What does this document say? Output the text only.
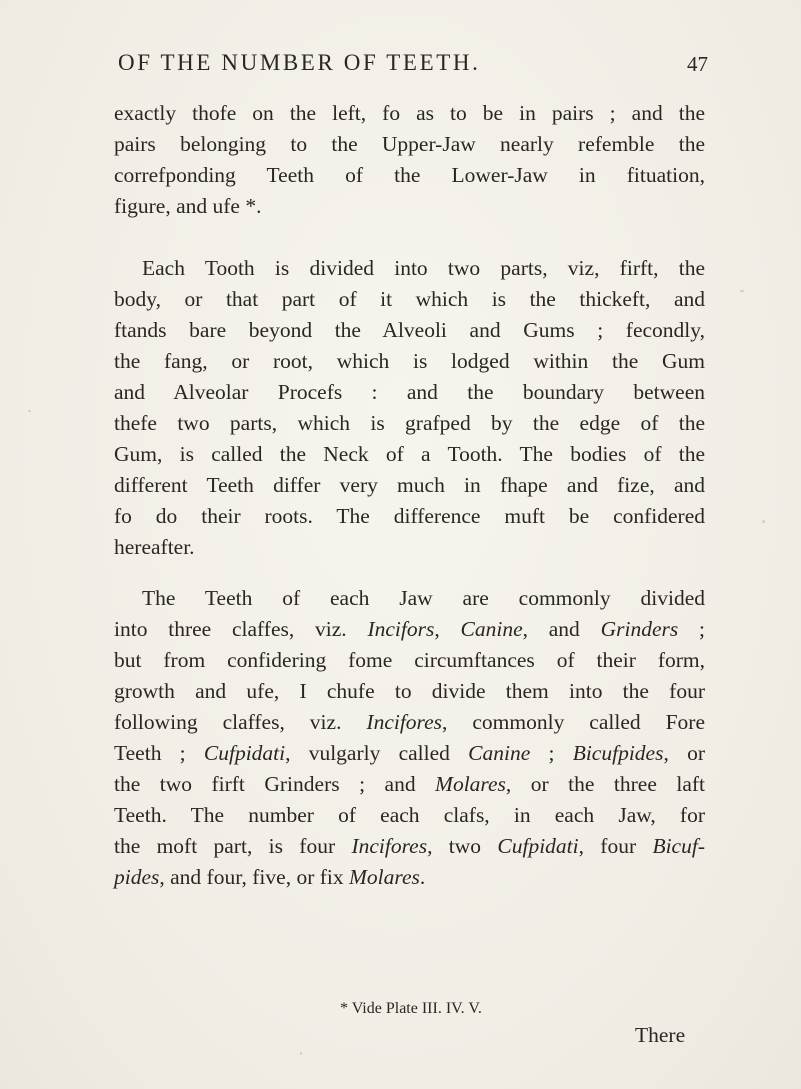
OF THE NUMBER OF TEETH.	47
exactly thofe on the left, fo as to be in pairs ; and the
pairs belonging to the Upper-Jaw nearly refemble the
correfponding Teeth of the Lower-Jaw in fituation,
figure, and ufe *.
Each Tooth is divided into two parts, viz, firft, the
body, or that part of it which is the thickeft, and
ftands bare beyond the Alveoli and Gums ; fecondly,
the fang, or root, which is lodged within the Gum
and Alveolar Procefs : and the boundary between
thefe two parts, which is grafped by the edge of the
Gum, is called the Neck of a Tooth. The bodies of the
different Teeth differ very much in fhape and fize, and
fo do their roots. The difference muft be confidered
hereafter.
The Teeth of each Jaw are commonly divided
into three claffes, viz. Incifors, Canine, and Grinders ;
but from confidering fome circumftances of their form,
growth and ufe, I chufe to divide them into the four
following claffes, viz. Incifores, commonly called Fore
Teeth ; Cufpidati, vulgarly called Canine ; Bicufpides, or
the two firft Grinders ; and Molares, or the three laft
Teeth. The number of each clafs, in each Jaw, for
the moft part, is four Incifores, two Cufpidati, four Bicuf-
pides, and four, five, or fix Molares.
* Vide Plate III. IV. V.
There
